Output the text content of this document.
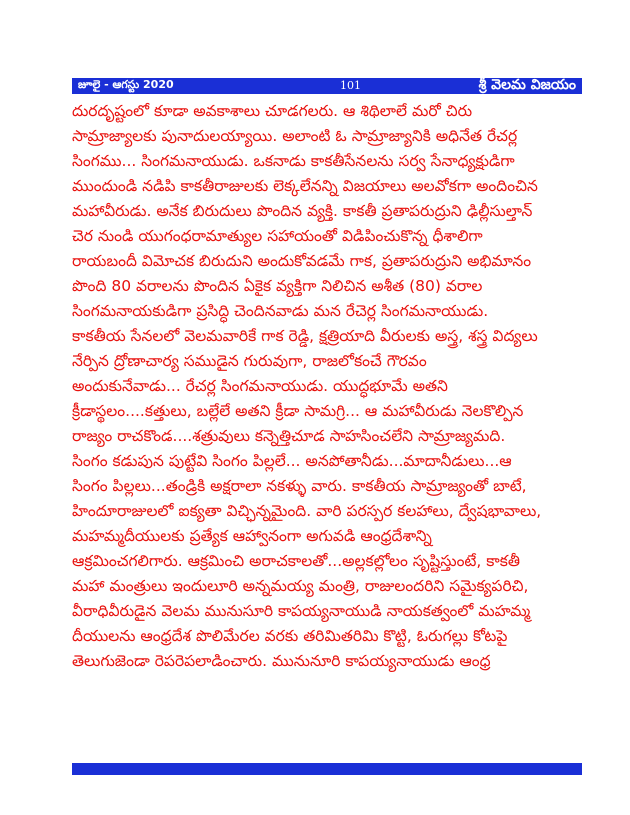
జూలై - ఆగస్టు 2020	101	శ్రీ వెలమ విజయం
దురదృష్టంలో కూడా అవకాశాలు చూడగలరు. ఆ శిథిలాలే మరో చిరు
సామ్రాజ్యాలకు పునాదులయ్యాయి. అలాంటి ఓ సామ్రాజ్యానికి అధినేత రేచర్ల
సింగము... సింగమనాయుడు. ఒకనాడు కాకతీసేనలను సర్వ సేనాధ్యక్షుడిగా
ముందుండి నడిపి కాకతీరాజులకు లెక్కలేనన్ని విజయాలు అలవోకగా అందించిన
మహావీరుడు. అనేక బిరుదులు పొందిన వ్యక్తి. కాకతీ ప్రతాపరుద్రుని ఢిల్లీసుల్తాన్
చెర నుండి యుగంధరామాత్యుల సహాయంతో విడిపించుకొన్న ధీశాలిగా
రాయబందీ విమోచక బిరుదుని అందుకోవడమే గాక, ప్రతాపరుద్రుని అభిమానం
పొంది 80 వరాలను పొందిన ఏకైక వ్యక్తిగా నిలిచిన అశీత (80) వరాల
సింగమనాయకుడిగా ప్రసిద్ధి చెందినవాడు మన రేచెర్ల సింగమనాయుడు.
కాకతీయ సేనలలో వెలమవారికే గాక రెడ్డి, క్షత్రియాది వీరులకు అస్త్ర, శస్త్ర విద్యలు
నేర్పిన ద్రోణాచార్య సముడైన గురువుగా, రాజలోకంచే గౌరవం
అందుకునేవాడు... రేచర్ల సింగమనాయుడు. యుద్ధభూమే అతని
క్రీడాస్థలం....కత్తులు, బల్లేలే అతని క్రీడా సామగ్రి... ఆ మహావీరుడు నెలకొల్పిన
రాజ్యం రాచకొండ....శత్రువులు కన్నెత్తిచూడ సాహసించలేని సామ్రాజ్యమది.
సింగం కడుపున పుట్టేవి సింగం పిల్లలే... అనపోతానీడు...మాదానీడులు...ఆ
సింగం పిల్లలు...తండ్రికి అక్షరాలా నకళ్ళు వారు. కాకతీయ సామ్రాజ్యంతో బాటే,
హిందూరాజులలో ఐక్యతా విచ్ఛిన్నమైంది. వారి పరస్పర కలహాలు, ద్వేషభావాలు,
మహమ్మదీయులకు ప్రత్యేక ఆహ్వానంగా అగువడి ఆంధ్రదేశాన్ని
ఆక్రమించగలిగారు. ఆక్రమించి అరాచకాలతో...అల్లకల్లోలం సృష్టిస్తుంటే, కాకతీ
మహా మంత్రులు ఇందులూరి అన్నమయ్య మంత్రి, రాజులందరిని సమైక్యపరిచి,
వీరాధివీరుడైన వెలమ మునుసూరి కాపయ్యనాయుడి నాయకత్వంలో మహమ్మ
దీయులను ఆంధ్రదేశ పొలిమేరల వరకు తరిమితరిమి కొట్టి, ఓరుగల్లు కోటపై
తెలుగుజెండా రెపరెపలాడించారు. మునునూరి కాపయ్యనాయుడు ఆంధ్ర
